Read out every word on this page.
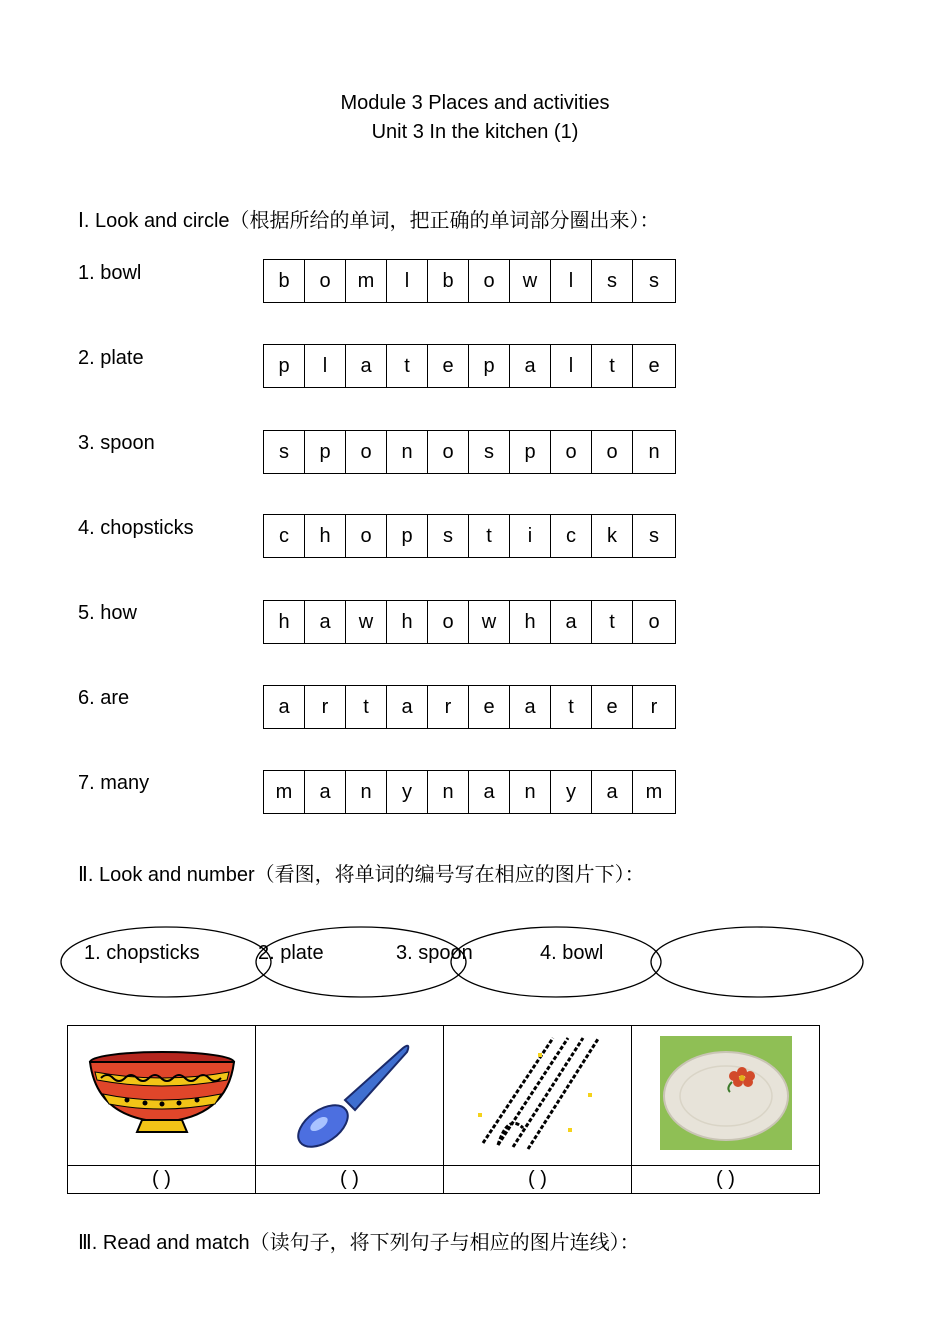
Module 3 Places and activities
Unit 3 In the kitchen (1)
Ⅰ. Look and circle（根据所给的单词，把正确的单词部分圈出来）：
1. bowl	b	o	m	l	b	o	w	l	s	s
2. plate	p	l	a	t	e	p	a	l	t	e
3. spoon	s	p	o	n	o	s	p	o	o	n
4. chopsticks	c	h	o	p	s	t	i	c	k	s
5. how	h	a	w	h	o	w	h	a	t	o
6. are	a	r	t	a	r	e	a	t	e	r
7. many	m	a	n	y	n	a	n	y	a	m
Ⅱ. Look and number（看图，将单词的编号写在相应的图片下）：
1. chopsticks	2. plate	3. spoon	4. bowl

( )	( )	( )	( )
Ⅲ. Read and match（读句子，将下列句子与相应的图片连线）：
